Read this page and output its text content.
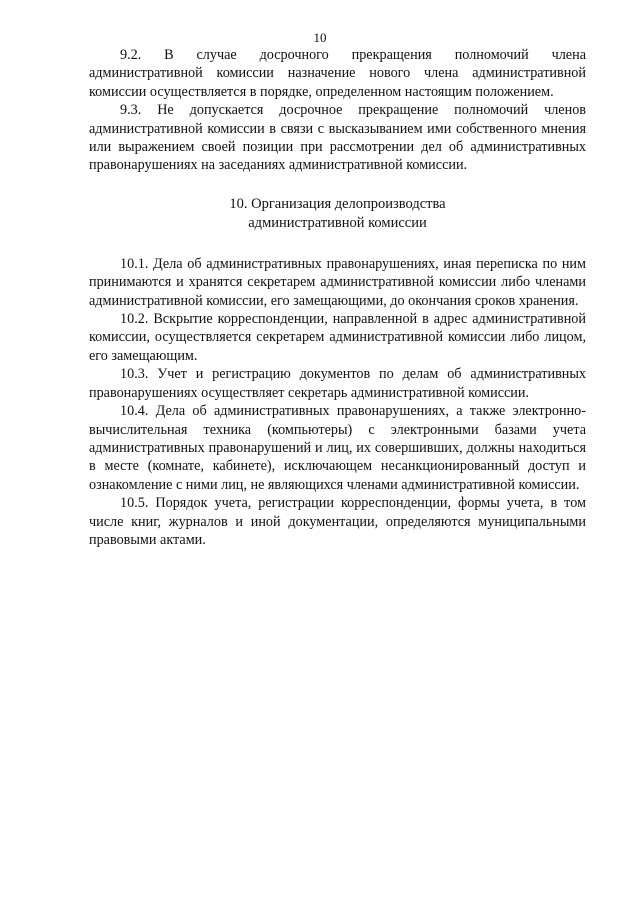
10

9.2. В случае досрочного прекращения полномочий члена административной комиссии назначение нового члена административной комиссии осуществляется в порядке, определенном настоящим положением.

9.3. Не допускается досрочное прекращение полномочий членов административной комиссии в связи с высказыванием ими собственного мнения или выражением своей позиции при рассмотрении дел об административных правонарушениях на заседаниях административной комиссии.

10. Организация делопроизводства
административной комиссии

10.1. Дела об административных правонарушениях, иная переписка по ним принимаются и хранятся секретарем административной комиссии либо членами административной комиссии, его замещающими, до окончания сроков хранения.

10.2. Вскрытие корреспонденции, направленной в адрес административной комиссии, осуществляется секретарем административной комиссии либо лицом, его замещающим.

10.3. Учет и регистрацию документов по делам об административных правонарушениях осуществляет секретарь административной комиссии.

10.4. Дела об административных правонарушениях, а также электронно-вычислительная техника (компьютеры) с электронными базами учета административных правонарушений и лиц, их совершивших, должны находиться в месте (комнате, кабинете), исключающем несанкционированный доступ и ознакомление с ними лиц, не являющихся членами административной комиссии.

10.5. Порядок учета, регистрации корреспонденции, формы учета, в том числе книг, журналов и иной документации, определяются муниципальными правовыми актами.
